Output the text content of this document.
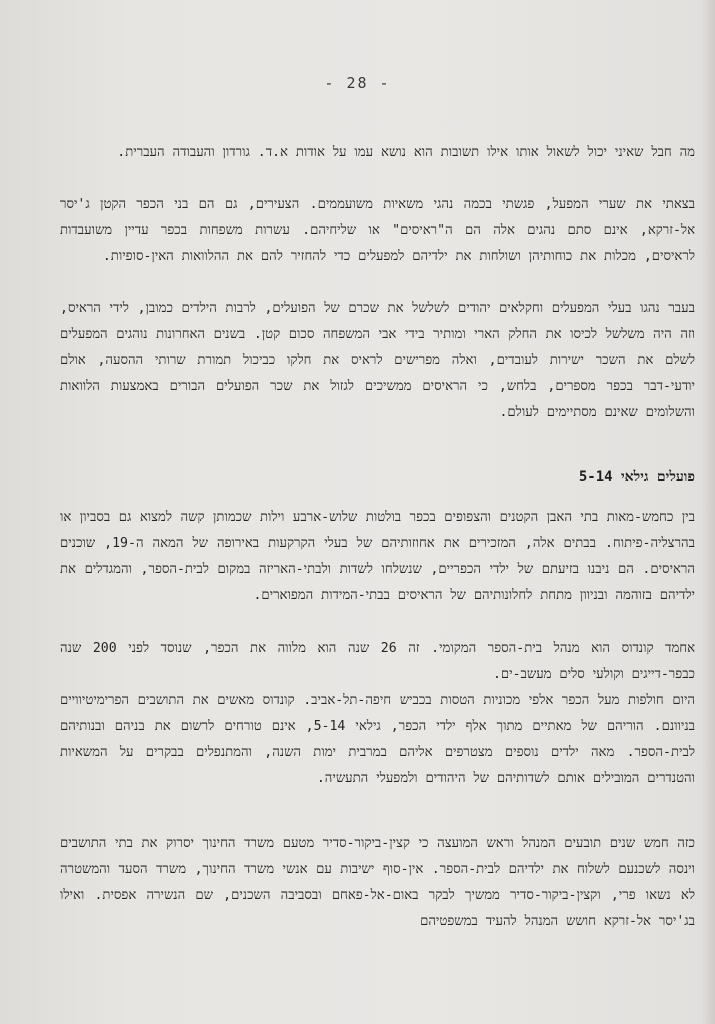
- 28 -
מה חבל שאיני יכול לשאול אותו אילו תשובות הוא נושא עמו על אודות א.ד. גורדון והעבודה העברית.
בצאתי את שערי המפעל, פגשתי בכמה נהגי משאיות משועממים. הצעירים, גם הם בני הכפר הקטן ג'יסר אל-זרקא, אינם סתם נהגים אלה הם ה"ראיסים" או שליחיהם. עשרות משפחות בכפר עדיין משועבדות לראיסים, מכלות את כוחותיהן ושולחות את ילדיהם למפעלים כדי להחזיר להם את ההלוואות האין-סופיות.
בעבר נהגו בעלי המפעלים וחקלאים יהודים לשלשל את שכרם של הפועלים, לרבות הילדים כמובן, לידי הראיס, וזה היה משלשל לכיסו את החלק הארי ומותיר בידי אבי המשפחה סכום קטן. בשנים האחרונות נוהגים המפעלים לשלם את השכר ישירות לעובדים, ואלה מפרישים לראיס את חלקו כביכול תמורת שרותי ההסעה, אולם יודעי-דבר בכפר מספרים, בלחש, כי הראיסים ממשיכים לגזול את שכר הפועלים הבורים באמצעות הלוואות והשלומים שאינם מסתיימים לעולם.
פועלים גילאי 5-14
בין כחמש-מאות בתי האבן הקטנים והצפופים בכפר בולטות שלוש-ארבע וילות שכמותן קשה למצוא גם בסביון או בהרצליה-פיתוח. בבתים אלה, המזכירים את אחוזותיהם של בעלי הקרקעות באירופה של המאה ה-19, שוכנים הראיסים. הם ניבנו בזיעתם של ילדי הכפריים, שנשלחו לשדות ולבתי-האריזה במקום לבית-הספר, והמגדלים את ילדיהם בזוהמה ובניוון מתחת לחלונותיהם של הראיסים בבתי-המידות המפוארים.
אחמד קונדוס הוא מנהל בית-הספר המקומי. זה 26 שנה הוא מלווה את הכפר, שנוסד לפני 200 שנה כבפר-דייגים וקולעי סלים מעשב-ים.
היום חולפות מעל הכפר אלפי מכוניות הטסות בכביש חיפה-תל-אביב. קונדוס מאשים את התושבים הפרימיטיוויים בניוונם. הוריהם של מאתיים מתוך אלף ילדי הכפר, גילאי 5-14, אינם טורחים לרשום את בניהם ובנותיהם לבית-הספר. מאה ילדים נוספים מצטרפים אליהם במרבית ימות השנה, והמתנפלים בבקרים על המשאיות והטנדרים המובילים אותם לשדותיהם של היהודים ולמפעלי התעשיה.
כזה חמש שנים תובעים המנהל וראש המועצה כי קצין-ביקור-סדיר מטעם משרד החינוך יסרוק את בתי התושבים וינסה לשכנעם לשלוח את ילדיהם לבית-הספר. אין-סוף ישיבות עם אנשי משרד החינוך, משרד הסעד והמשטרה לא נשאו פרי, וקצין-ביקור-סדיר ממשיך לבקר באום-אל-פאחם ובסביבה השכנים, שם הנשירה אפסית. ואילו בג'יסר אל-זרקא חושש המנהל להעיד במשפטיהם
